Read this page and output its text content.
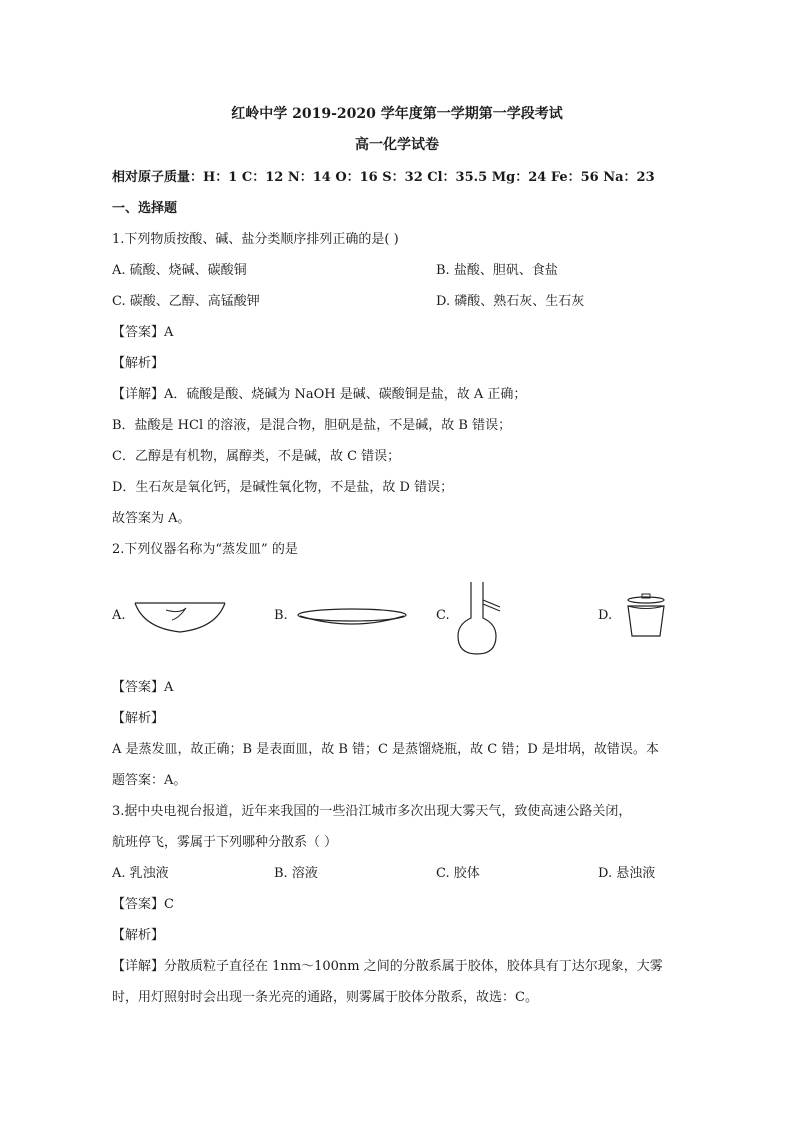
红岭中学 2019-2020 学年度第一学期第一学段考试
高一化学试卷
相对原子质量：H：1 C：12 N：14 O：16 S：32 Cl：35.5 Mg：24 Fe：56 Na：23
一、选择题
1.下列物质按酸、碱、盐分类顺序排列正确的是( )
A. 硫酸、烧碱、碳酸铜	B. 盐酸、胆矾、食盐
C. 碳酸、乙醇、高锰酸钾	D. 磷酸、熟石灰、生石灰
【答案】A
【解析】
【详解】A．硫酸是酸、烧碱为 NaOH 是碱、碳酸铜是盐，故 A 正确；
B．盐酸是 HCl 的溶液，是混合物，胆矾是盐，不是碱，故 B 错误；
C．乙醇是有机物，属醇类，不是碱，故 C 错误；
D．生石灰是氧化钙，是碱性氧化物，不是盐，故 D 错误；
故答案为 A。
2.下列仪器名称为“蒸发皿” 的是
A.	B.	C.	D.
【答案】A
【解析】
A 是蒸发皿，故正确；B 是表面皿，故 B 错；C 是蒸馏烧瓶，故 C 错；D 是坩埚，故错误。本
题答案：A。
3.据中央电视台报道，近年来我国的一些沿江城市多次出现大雾天气，致使高速公路关闭，
航班停飞，雾属于下列哪种分散系（ ）
A. 乳浊液	B. 溶液	C. 胶体	D. 悬浊液
【答案】C
【解析】
【详解】分散质粒子直径在 1nm～100nm 之间的分散系属于胶体，胶体具有丁达尔现象，大雾
时，用灯照射时会出现一条光亮的通路，则雾属于胶体分散系，故选：C。
